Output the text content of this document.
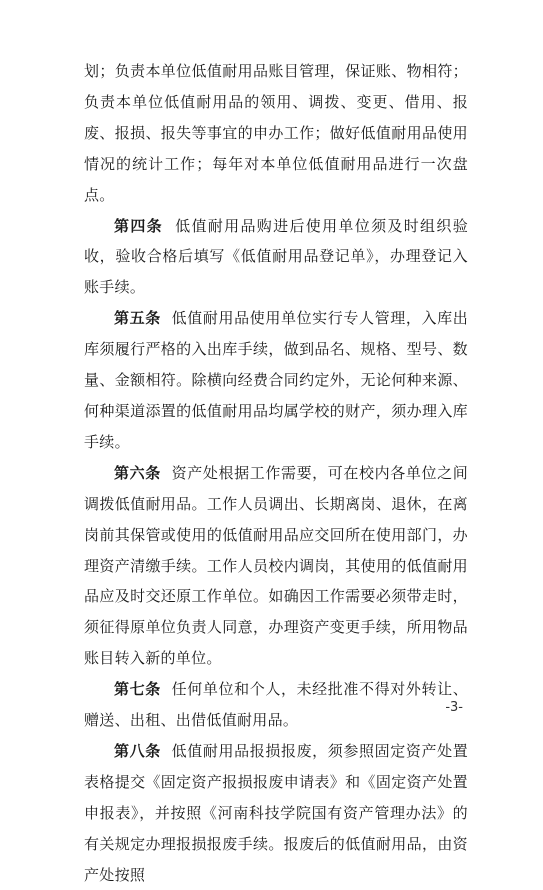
划；负责本单位低值耐用品账目管理，保证账、物相符；负责本单位低值耐用品的领用、调拨、变更、借用、报废、报损、报失等事宜的申办工作；做好低值耐用品使用情况的统计工作；每年对本单位低值耐用品进行一次盘点。

第四条 低值耐用品购进后使用单位须及时组织验收，验收合格后填写《低值耐用品登记单》，办理登记入账手续。

第五条 低值耐用品使用单位实行专人管理，入库出库须履行严格的入出库手续，做到品名、规格、型号、数量、金额相符。除横向经费合同约定外，无论何种来源、何种渠道添置的低值耐用品均属学校的财产，须办理入库手续。

第六条 资产处根据工作需要，可在校内各单位之间调拨低值耐用品。工作人员调出、长期离岗、退休，在离岗前其保管或使用的低值耐用品应交回所在使用部门，办理资产清缴手续。工作人员校内调岗，其使用的低值耐用品应及时交还原工作单位。如确因工作需要必须带走时，须征得原单位负责人同意，办理资产变更手续，所用物品账目转入新的单位。

第七条 任何单位和个人，未经批准不得对外转让、赠送、出租、出借低值耐用品。

第八条 低值耐用品报损报废，须参照固定资产处置表格提交《固定资产报损报废申请表》和《固定资产处置申报表》，并按照《河南科技学院国有资产管理办法》的有关规定办理报损报废手续。报废后的低值耐用品，由资产处按照

-3-
